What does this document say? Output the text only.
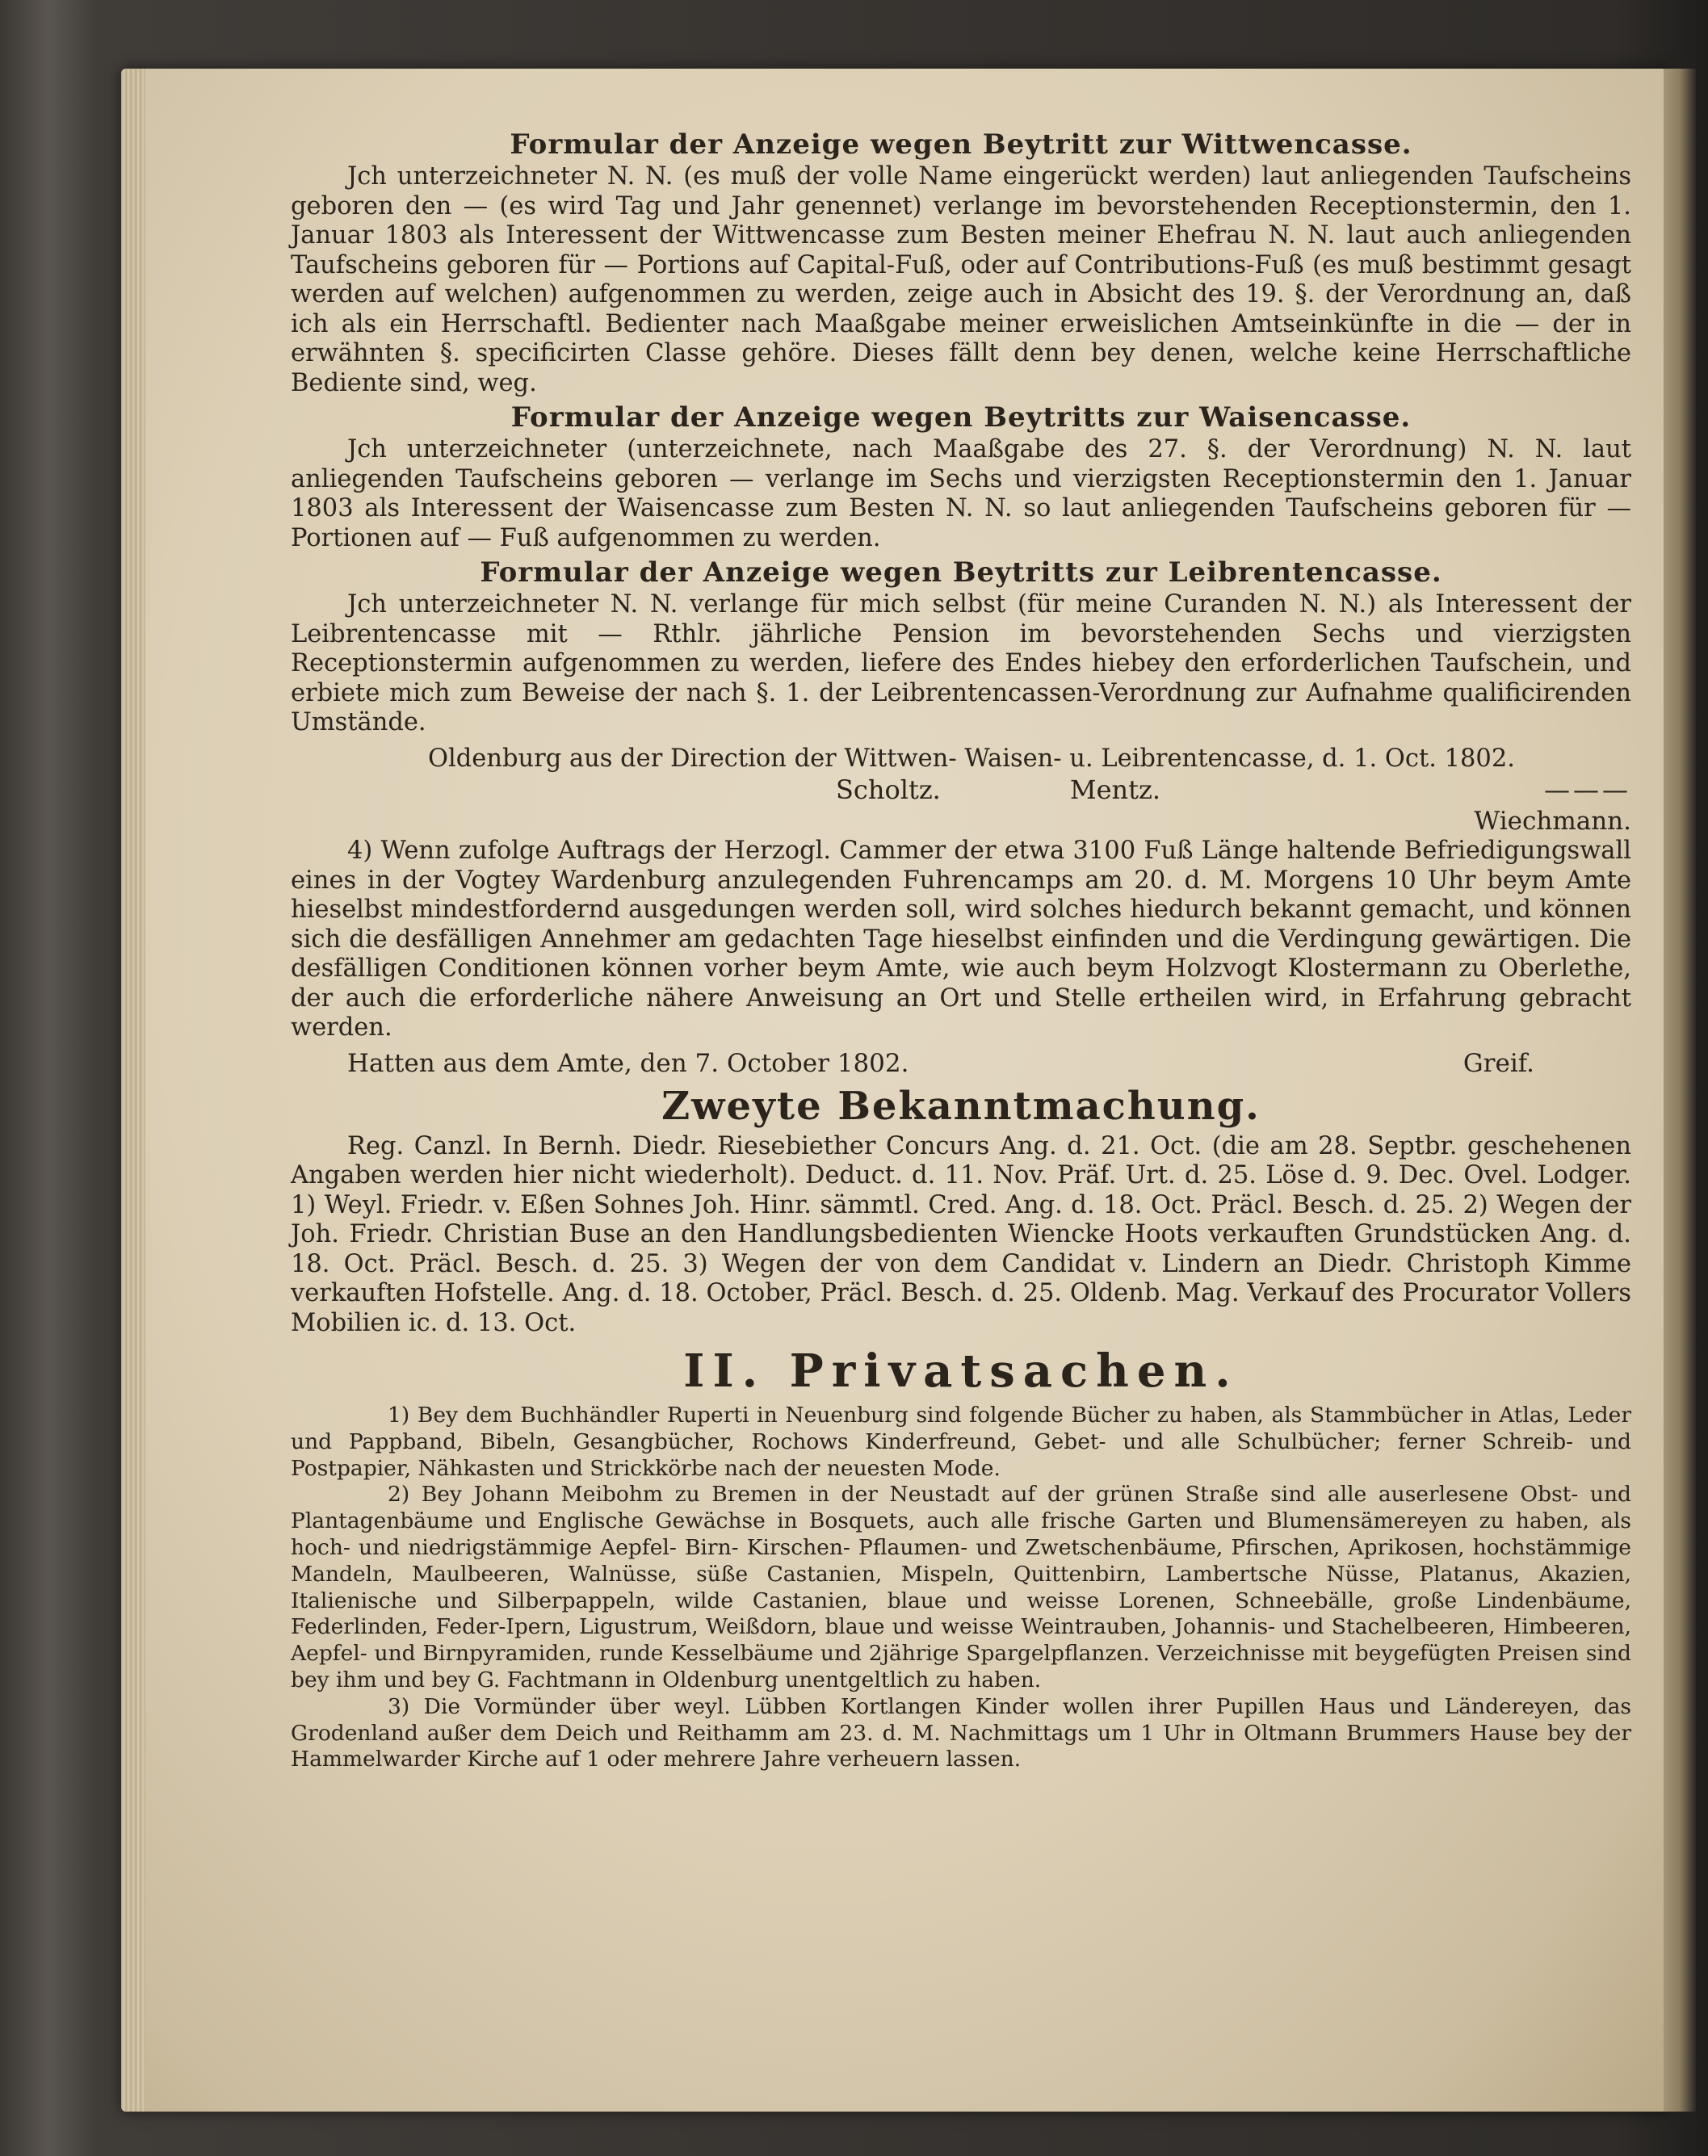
Formular der Anzeige wegen Beytritt zur Wittwencasse.

Jch unterzeichneter N. N. (es muß der volle Name eingerückt werden) laut anliegenden Taufscheins geboren den — (es wird Tag und Jahr genennet) verlange im bevorstehenden Receptionstermin, den 1. Januar 1803 als Interessent der Wittwencasse zum Besten meiner Ehefrau N. N. laut auch anliegenden Taufscheins geboren für — Portions auf Capital-Fuß, oder auf Contributions-Fuß (es muß bestimmt gesagt werden auf welchen) aufgenommen zu werden, zeige auch in Absicht des 19. §. der Verordnung an, daß ich als ein Herrschaftl. Bedienter nach Maaßgabe meiner erweislichen Amtseinkünfte in die — der in erwähnten §. specificirten Classe gehöre. Dieses fällt denn bey denen, welche keine Herrschaftliche Bediente sind, weg.

Formular der Anzeige wegen Beytritts zur Waisencasse.

Jch unterzeichneter (unterzeichnete, nach Maaßgabe des 27. §. der Verordnung) N. N. laut anliegenden Taufscheins geboren — verlange im Sechs und vierzigsten Receptionstermin den 1. Januar 1803 als Interessent der Waisencasse zum Besten N. N. so laut anliegenden Taufscheins geboren für — Portionen auf — Fuß aufgenommen zu werden.

Formular der Anzeige wegen Beytritts zur Leibrentencasse.

Jch unterzeichneter N. N. verlange für mich selbst (für meine Curanden N. N.) als Interessent der Leibrentencasse mit — Rthlr. jährliche Pension im bevorstehenden Sechs und vierzigsten Receptionstermin aufgenommen zu werden, liefere des Endes hiebey den erforderlichen Taufschein, und erbiete mich zum Beweise der nach §. 1. der Leibrentencassen-Verordnung zur Aufnahme qualificirenden Umstände.

Oldenburg aus der Direction der Wittwen- Waisen- u. Leibrentencasse, d. 1. Oct. 1802.

Scholtz.	Mentz.	———

Wiechmann.

4) Wenn zufolge Auftrags der Herzogl. Cammer der etwa 3100 Fuß Länge haltende Befriedigungswall eines in der Vogtey Wardenburg anzulegenden Fuhrencamps am 20. d. M. Morgens 10 Uhr beym Amte hieselbst mindestfordernd ausgedungen werden soll, wird solches hiedurch bekannt gemacht, und können sich die desfälligen Annehmer am gedachten Tage hieselbst einfinden und die Verdingung gewärtigen. Die desfälligen Conditionen können vorher beym Amte, wie auch beym Holzvogt Klostermann zu Oberlethe, der auch die erforderliche nähere Anweisung an Ort und Stelle ertheilen wird, in Erfahrung gebracht werden.

Hatten aus dem Amte, den 7. October 1802.	Greif.
Zweyte Bekanntmachung.

Reg. Canzl. In Bernh. Diedr. Riesebiether Concurs Ang. d. 21. Oct. (die am 28. Septbr. geschehenen Angaben werden hier nicht wiederholt). Deduct. d. 11. Nov. Präf. Urt. d. 25. Löse d. 9. Dec. Ovel. Lodger. 1) Weyl. Friedr. v. Eßen Sohnes Joh. Hinr. sämmtl. Cred. Ang. d. 18. Oct. Präcl. Besch. d. 25. 2) Wegen der Joh. Friedr. Christian Buse an den Handlungsbedienten Wiencke Hoots verkauften Grundstücken Ang. d. 18. Oct. Präcl. Besch. d. 25. 3) Wegen der von dem Candidat v. Lindern an Diedr. Christoph Kimme verkauften Hofstelle. Ang. d. 18. October, Präcl. Besch. d. 25. Oldenb. Mag. Verkauf des Procurator Vollers Mobilien ic. d. 13. Oct.

II. Privatsachen.

1) Bey dem Buchhändler Ruperti in Neuenburg sind folgende Bücher zu haben, als Stammbücher in Atlas, Leder und Pappband, Bibeln, Gesangbücher, Rochows Kinderfreund, Gebet- und alle Schulbücher; ferner Schreib- und Postpapier, Nähkasten und Strickkörbe nach der neuesten Mode.

2) Bey Johann Meibohm zu Bremen in der Neustadt auf der grünen Straße sind alle auserlesene Obst- und Plantagenbäume und Englische Gewächse in Bosquets, auch alle frische Garten und Blumensämereyen zu haben, als hoch- und niedrigstämmige Aepfel- Birn- Kirschen- Pflaumen- und Zwetschenbäume, Pfirschen, Aprikosen, hochstämmige Mandeln, Maulbeeren, Walnüsse, süße Castanien, Mispeln, Quittenbirn, Lambertsche Nüsse, Platanus, Akazien, Italienische und Silberpappeln, wilde Castanien, blaue und weisse Lorenen, Schneebälle, große Lindenbäume, Federlinden, Feder-Ipern, Ligustrum, Weißdorn, blaue und weisse Weintrauben, Johannis- und Stachelbeeren, Himbeeren, Aepfel- und Birnpyramiden, runde Kesselbäume und 2jährige Spargelpflanzen. Verzeichnisse mit beygefügten Preisen sind bey ihm und bey G. Fachtmann in Oldenburg unentgeltlich zu haben.

3) Die Vormünder über weyl. Lübben Kortlangen Kinder wollen ihrer Pupillen Haus und Ländereyen, das Grodenland außer dem Deich und Reithamm am 23. d. M. Nachmittags um 1 Uhr in Oltmann Brummers Hause bey der Hammelwarder Kirche auf 1 oder mehrere Jahre verheuern lassen.
